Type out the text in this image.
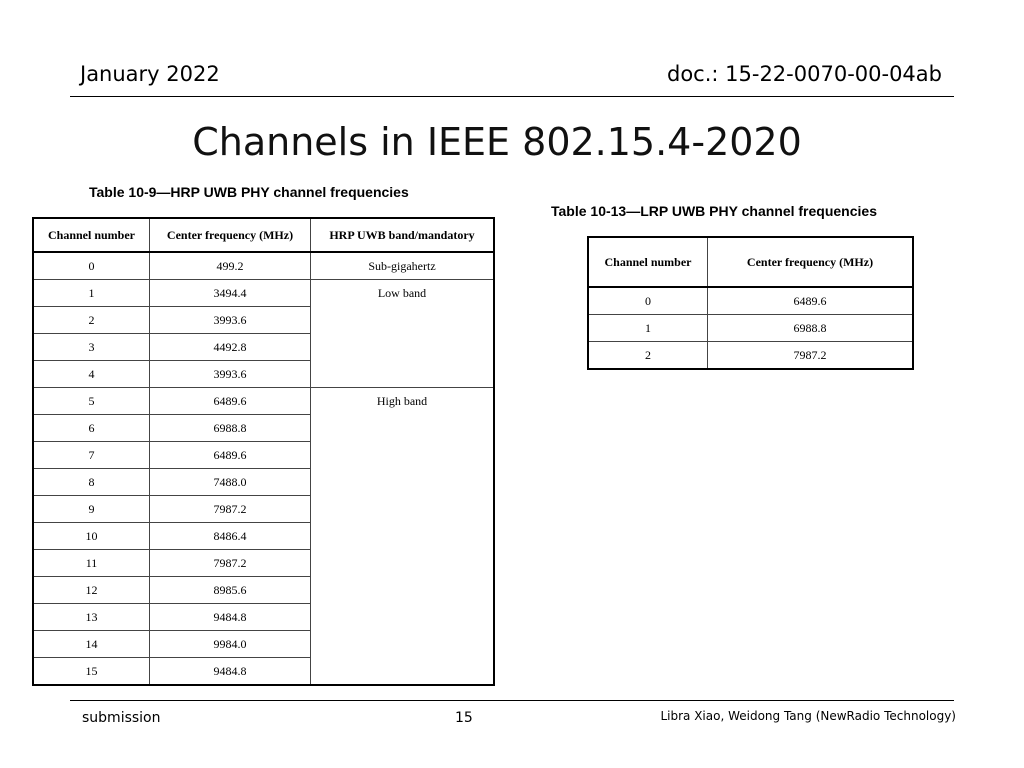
January 2022	doc.: 15-22-0070-00-04ab
Channels in IEEE 802.15.4-2020
Table 10-9—HRP UWB PHY channel frequencies
Channel number	Center frequency (MHz)	HRP UWB band/mandatory
0	499.2	Sub-gigahertz
1	3494.4	Low band
2	3993.6	
3	4492.8	
4	3993.6	
5	6489.6	High band
6	6988.8	
7	6489.6	
8	7488.0	
9	7987.2	
10	8486.4	
11	7987.2	
12	8985.6	
13	9484.8	
14	9984.0	
15	9484.8	
Table 10-13—LRP UWB PHY channel frequencies
Channel number	Center frequency (MHz)
0	6489.6
1	6988.8
2	7987.2
submission	15	Libra Xiao, Weidong Tang (NewRadio Technology)
